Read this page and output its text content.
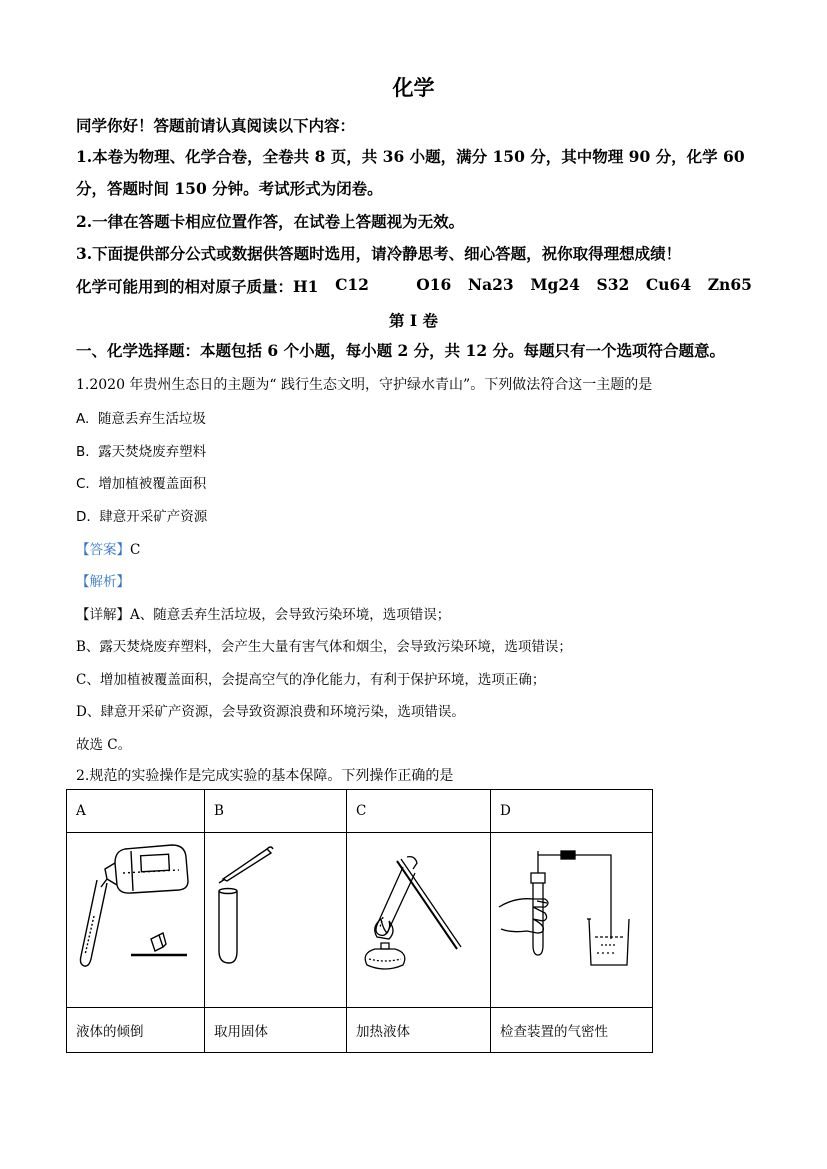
化学
同学你好！答题前请认真阅读以下内容：
1.本卷为物理、化学合卷，全卷共 8 页，共 36 小题，满分 150 分，其中物理 90 分，化学 60
分，答题时间 150 分钟。考试形式为闭卷。
2.一律在答题卡相应位置作答，在试卷上答题视为无效。
3.下面提供部分公式或数据供答题时选用，请冷静思考、细心答题，祝你取得理想成绩！
化学可能用到的相对原子质量：H1 C12	O16 Na23 Mg24 S32 Cu64 Zn65
第 I 卷
一、化学选择题：本题包括 6 个小题，每小题 2 分，共 12 分。每题只有一个选项符合题意。
1.2020 年贵州生态日的主题为“ 践行生态文明，守护绿水青山”。下列做法符合这一主题的是
A. 随意丢弃生活垃圾
B. 露天焚烧废弃塑料
C. 增加植被覆盖面积
D. 肆意开采矿产资源
【答案】C
【解析】
【详解】A、随意丢弃生活垃圾，会导致污染环境，选项错误；
B、露天焚烧废弃塑料，会产生大量有害气体和烟尘，会导致污染环境，选项错误；
C、增加植被覆盖面积，会提高空气的净化能力，有利于保护环境，选项正确；
D、肆意开采矿产资源，会导致资源浪费和环境污染，选项错误。
故选 C。
2.规范的实验操作是完成实验的基本保障。下列操作正确的是
A	B	C	D

液体的倾倒	取用固体	加热液体	检查装置的气密性
